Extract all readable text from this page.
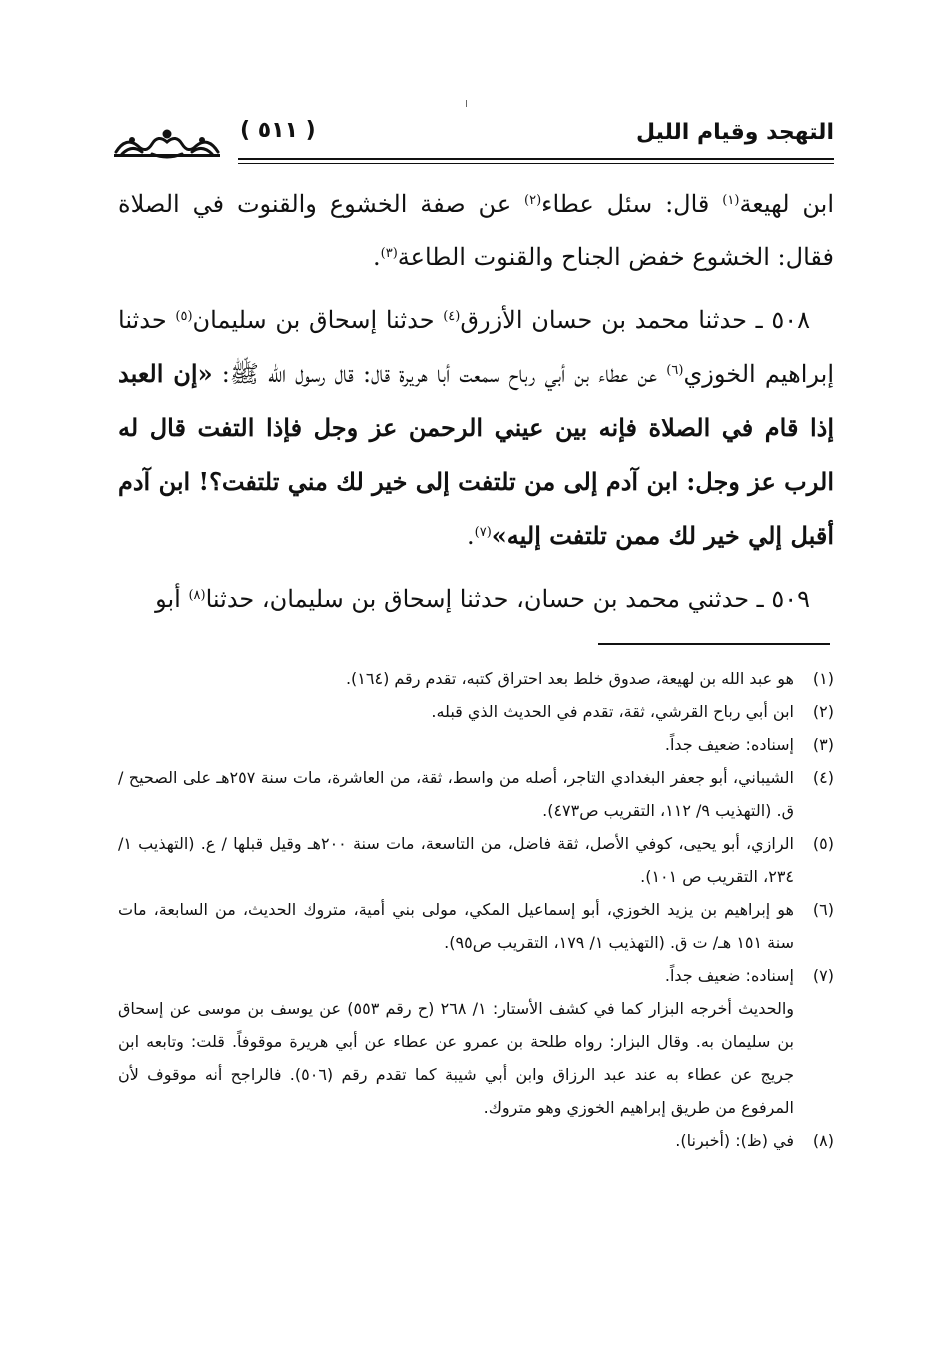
التهجد وقيام الليل
( ٥١١ )

ابن لهيعة$^{(١)}$ قال: سئل عطاء$^{(٢)}$ عن صفة الخشوع والقنوت في الصلاة فقال: الخشوع خفض الجناح والقنوت الطاعة$^{(٣)}$.

٥٠٨ ـ حدثنا محمد بن حسان الأزرق$^{(٤)}$ حدثنا إسحاق بن سليمان$^{(٥)}$ حدثنا إبراهيم الخوزي$^{(٦)}$ عن عطاء بن أبي رباح سمعت أبا هريرة قال: قال رسول الله ﷺ: «إن العبد إذا قام في الصلاة فإنه بين عيني الرحمن عز وجل فإذا التفت قال له الرب عز وجل: ابن آدم إلى من تلتفت إلى خير لك مني تلتفت؟! ابن آدم أقبل إلي خير لك ممن تلتفت إليه»$^{(٧)}$.

٥٠٩ ـ حدثني محمد بن حسان، حدثنا إسحاق بن سليمان، حدثنا$^{(٨)}$ أبو

(١)
هو عبد الله بن لهيعة، صدوق خلط بعد احتراق كتبه، تقدم رقم (١٦٤).
(٢)
ابن أبي رباح القرشي، ثقة، تقدم في الحديث الذي قبله.
(٣)
إسناده: ضعيف جداً.
(٤)
الشيباني، أبو جعفر البغدادي التاجر، أصله من واسط، ثقة، من العاشرة، مات سنة ٢٥٧هـ على الصحيح / ق. (التهذيب ٩/ ١١٢، التقريب ص٤٧٣).
(٥)
الرازي، أبو يحيى، كوفي الأصل، ثقة فاضل، من التاسعة، مات سنة ٢٠٠هـ وقيل قبلها / ع. (التهذيب ١/ ٢٣٤، التقريب ص ١٠١).
(٦)
هو إبراهيم بن يزيد الخوزي، أبو إسماعيل المكي، مولى بني أمية، متروك الحديث، من السابعة، مات سنة ١٥١ هـ/ ت ق. (التهذيب ١/ ١٧٩، التقريب ص٩٥).
(٧)
إسناده: ضعيف جداً.
والحديث أخرجه البزار كما في كشف الأستار: ١/ ٢٦٨ (ح رقم ٥٥٣) عن يوسف بن موسى عن إسحاق بن سليمان به. وقال البزار: رواه طلحة بن عمرو عن عطاء عن أبي هريرة موقوفاً. قلت: وتابعه ابن جريج عن عطاء به عند عبد الرزاق وابن أبي شيبة كما تقدم رقم (٥٠٦). فالراجح أنه موقوف لأن المرفوع من طريق إبراهيم الخوزي وهو متروك.
(٨)
في (ظ): (أخبرنا).
